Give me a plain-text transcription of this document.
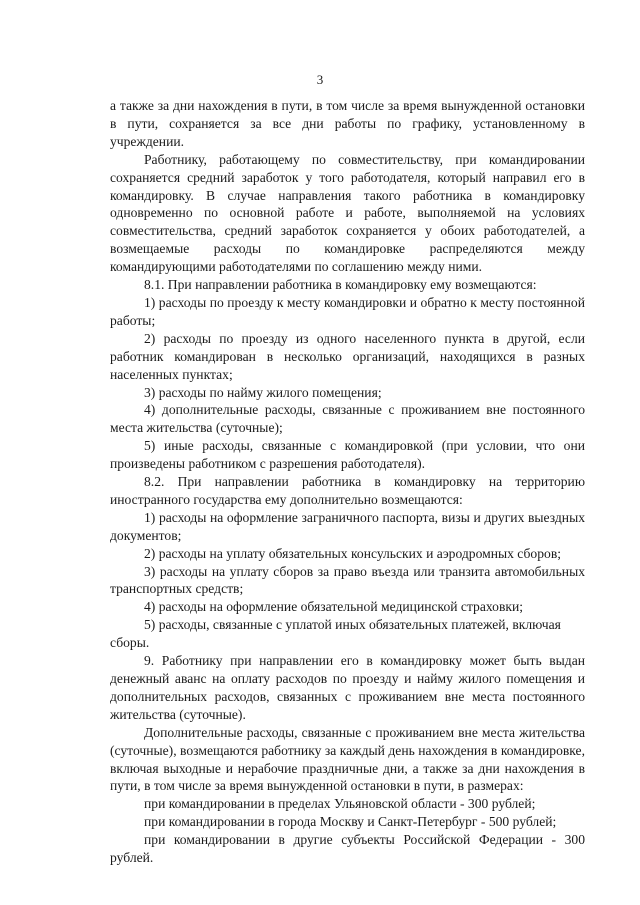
3

а также за дни нахождения в пути, в том числе за время вынужденной остановки в пути, сохраняется за все дни работы по графику, установленному в учреждении.

Работнику, работающему по совместительству, при командировании сохраняется средний заработок у того работодателя, который направил его в командировку. В случае направления такого работника в командировку одновременно по основной работе и работе, выполняемой на условиях совместительства, средний заработок сохраняется у обоих работодателей, а возмещаемые расходы по командировке распределяются между командирующими работодателями по соглашению между ними.

8.1. При направлении работника в командировку ему возмещаются:

1) расходы по проезду к месту командировки и обратно к месту постоянной работы;

2) расходы по проезду из одного населенного пункта в другой, если работник командирован в несколько организаций, находящихся в разных населенных пунктах;

3) расходы по найму жилого помещения;

4) дополнительные расходы, связанные с проживанием вне постоянного места жительства (суточные);

5) иные расходы, связанные с командировкой (при условии, что они произведены работником с разрешения работодателя).

8.2. При направлении работника в командировку на территорию иностранного государства ему дополнительно возмещаются:

1) расходы на оформление заграничного паспорта, визы и других выездных документов;

2) расходы на уплату обязательных консульских и аэродромных сборов;

3) расходы на уплату сборов за право въезда или транзита автомобильных транспортных средств;

4) расходы на оформление обязательной медицинской страховки;

5) расходы, связанные с уплатой иных обязательных платежей, включая сборы.

9. Работнику при направлении его в командировку может быть выдан денежный аванс на оплату расходов по проезду и найму жилого помещения и дополнительных расходов, связанных с проживанием вне места постоянного жительства (суточные).

Дополнительные расходы, связанные с проживанием вне места жительства (суточные), возмещаются работнику за каждый день нахождения в командировке, включая выходные и нерабочие праздничные дни, а также за дни нахождения в пути, в том числе за время вынужденной остановки в пути, в размерах:

при командировании в пределах Ульяновской области - 300 рублей;

при командировании в города Москву и Санкт-Петербург - 500 рублей;

при командировании в другие субъекты Российской Федерации - 300 рублей.
